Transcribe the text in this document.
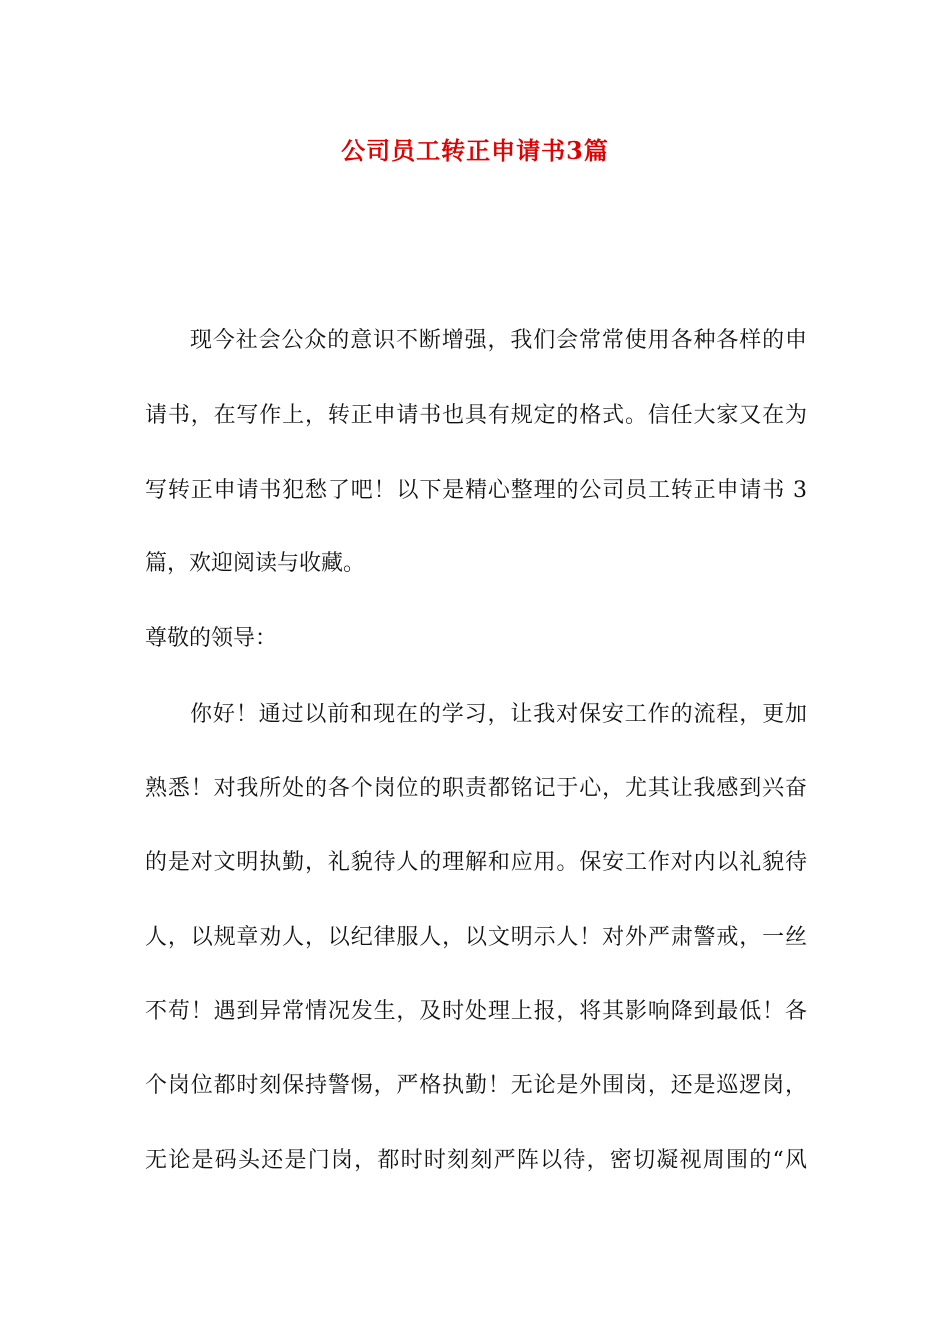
公司员工转正申请书3篇

现今社会公众的意识不断增强，我们会常常使用各种各样的申

请书，在写作上，转正申请书也具有规定的格式。信任大家又在为

写转正申请书犯愁了吧！以下是精心整理的公司员工转正申请书 3

篇，欢迎阅读与收藏。

尊敬的领导：

你好！通过以前和现在的学习，让我对保安工作的流程，更加

熟悉！对我所处的各个岗位的职责都铭记于心，尤其让我感到兴奋

的是对文明执勤，礼貌待人的理解和应用。保安工作对内以礼貌待

人，以规章劝人，以纪律服人，以文明示人！对外严肃警戒，一丝

不苟！遇到异常情况发生，及时处理上报，将其影响降到最低！各

个岗位都时刻保持警惕，严格执勤！无论是外围岗，还是巡逻岗，

无论是码头还是门岗，都时时刻刻严阵以待，密切凝视周围的“风
